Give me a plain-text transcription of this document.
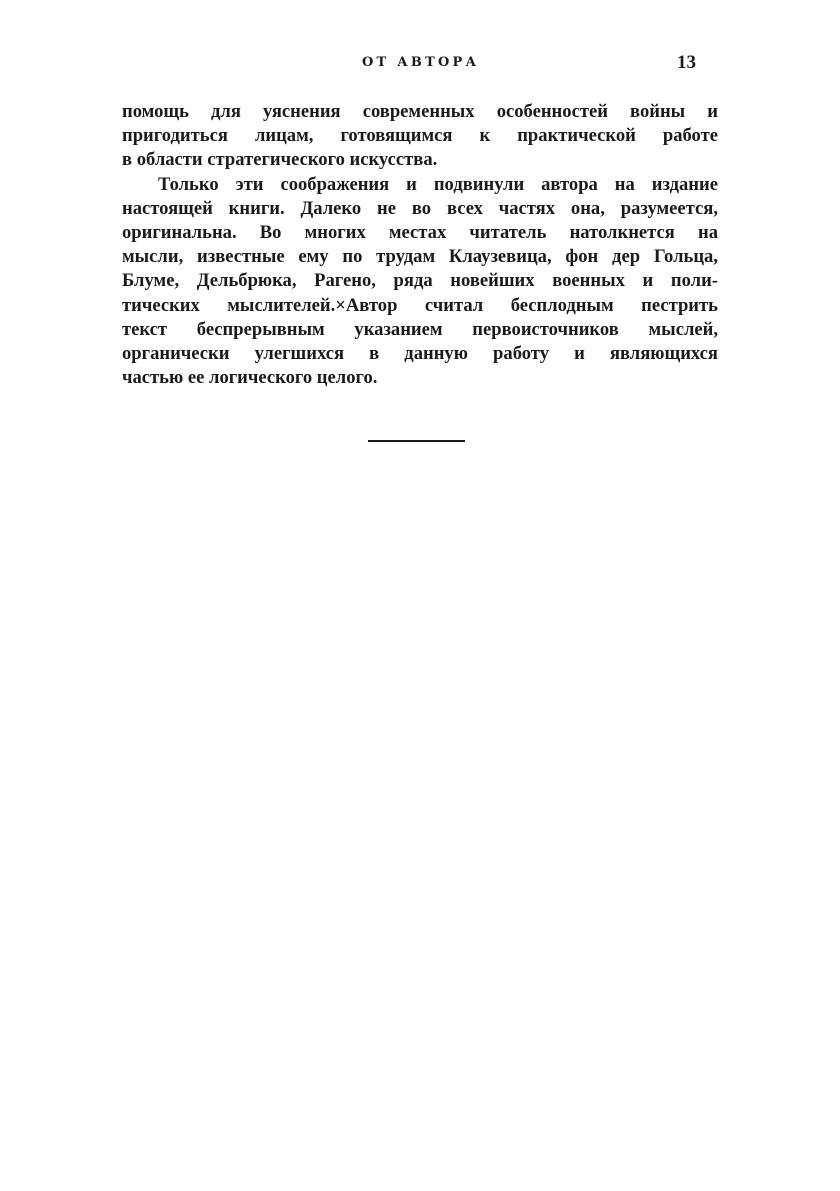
ОТ АВТОРА	13
помощь для уяснения современных особенностей войны и
пригодиться лицам, готовящимся к практической работе
в области стратегического искусства.
Только эти соображения и подвинули автора на издание
настоящей книги. Далеко не во всех частях она, разумеется,
оригинальна. Во многих местах читатель натолкнется на
мысли, известные ему по трудам Клаузевица, фон дер Гольца,
Блуме, Дельбрюка, Рагено, ряда новейших военных и поли-
тических мыслителей.×Автор считал бесплодным пестрить
текст беспрерывным указанием первоисточников мыслей,
органически улегшихся в данную работу и являющихся
частью ее логического целого.
